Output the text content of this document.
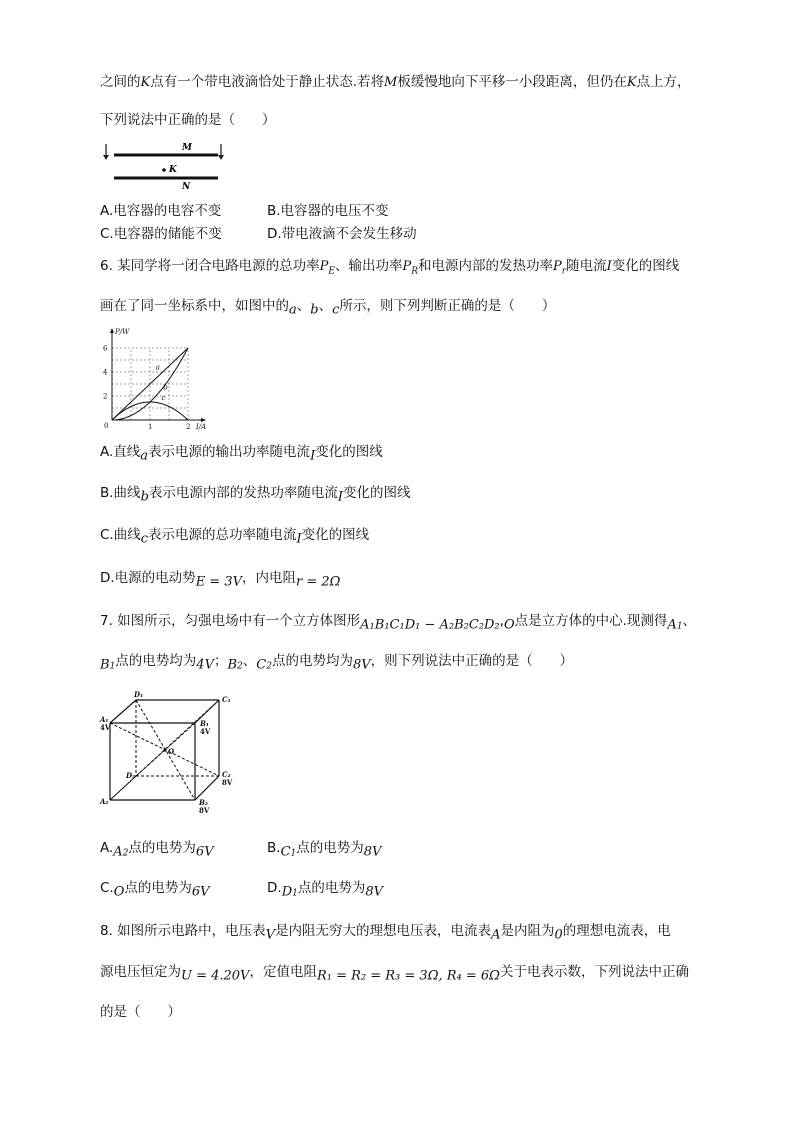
之间的K点有一个带电液滴恰处于静止状态.若将M板缓慢地向下平移一小段距离，但仍在K点上方，
下列说法中正确的是（　　）
M
K
N
A.电容器的电容不变	B.电容器的电压不变
C.电容器的储能不变	D.带电液滴不会发生移动
6. 某同学将一闭合电路电源的总功率$P_E$、输出功率$P_R$和电源内部的发热功率$P_r$随电流I变化的图线
画在了同一坐标系中，如图中的$_a$、$_b$、$_c$所示，则下列判断正确的是（　　）
2
4
6
1	2
0
P/W
I/A
a
b
c
A.直线$_a$表示电源的输出功率随电流$_I$变化的图线
B.曲线$_b$表示电源内部的发热功率随电流$_I$变化的图线
C.曲线$_c$表示电源的总功率随电流$_I$变化的图线
D.电源的电动势$_{E = 3V}$，内电阻$_{r = 2\Omega}$
7. 如图所示，匀强电场中有一个立方体图形$_{A_1B_1C_1D_1 - A_2B_2C_2D_2},_O$点是立方体的中心.现测得$_{A1}$、
$_{B1}$点的电势均为$_{4V}$；$_{B2}$、$_{C2}$点的电势均为$_{8V}$，则下列说法中正确的是（　　）
D₁
C₁
A₁
4V	B₁
4V
O
D₂	C₂
8V
A₂	B₂
8V
$A._{A2}$点的电势为$_{6V}$	$B._{C1}$点的电势为$_{8V}$
$C._O$点的电势为$_{6V}$	$D._{D1}$点的电势为$_{8V}$
8. 如图所示电路中，电压表$_V$是内阻无穷大的理想电压表，电流表$_A$是内阻为$_0$的理想电流表，电
源电压恒定为$_{U = 4.20V}$，定值电阻$_{R_1 = R_2 = R_3 = 3\Omega, R_4 = 6\Omega}$关于电表示数，下列说法中正确
的是（　　）
